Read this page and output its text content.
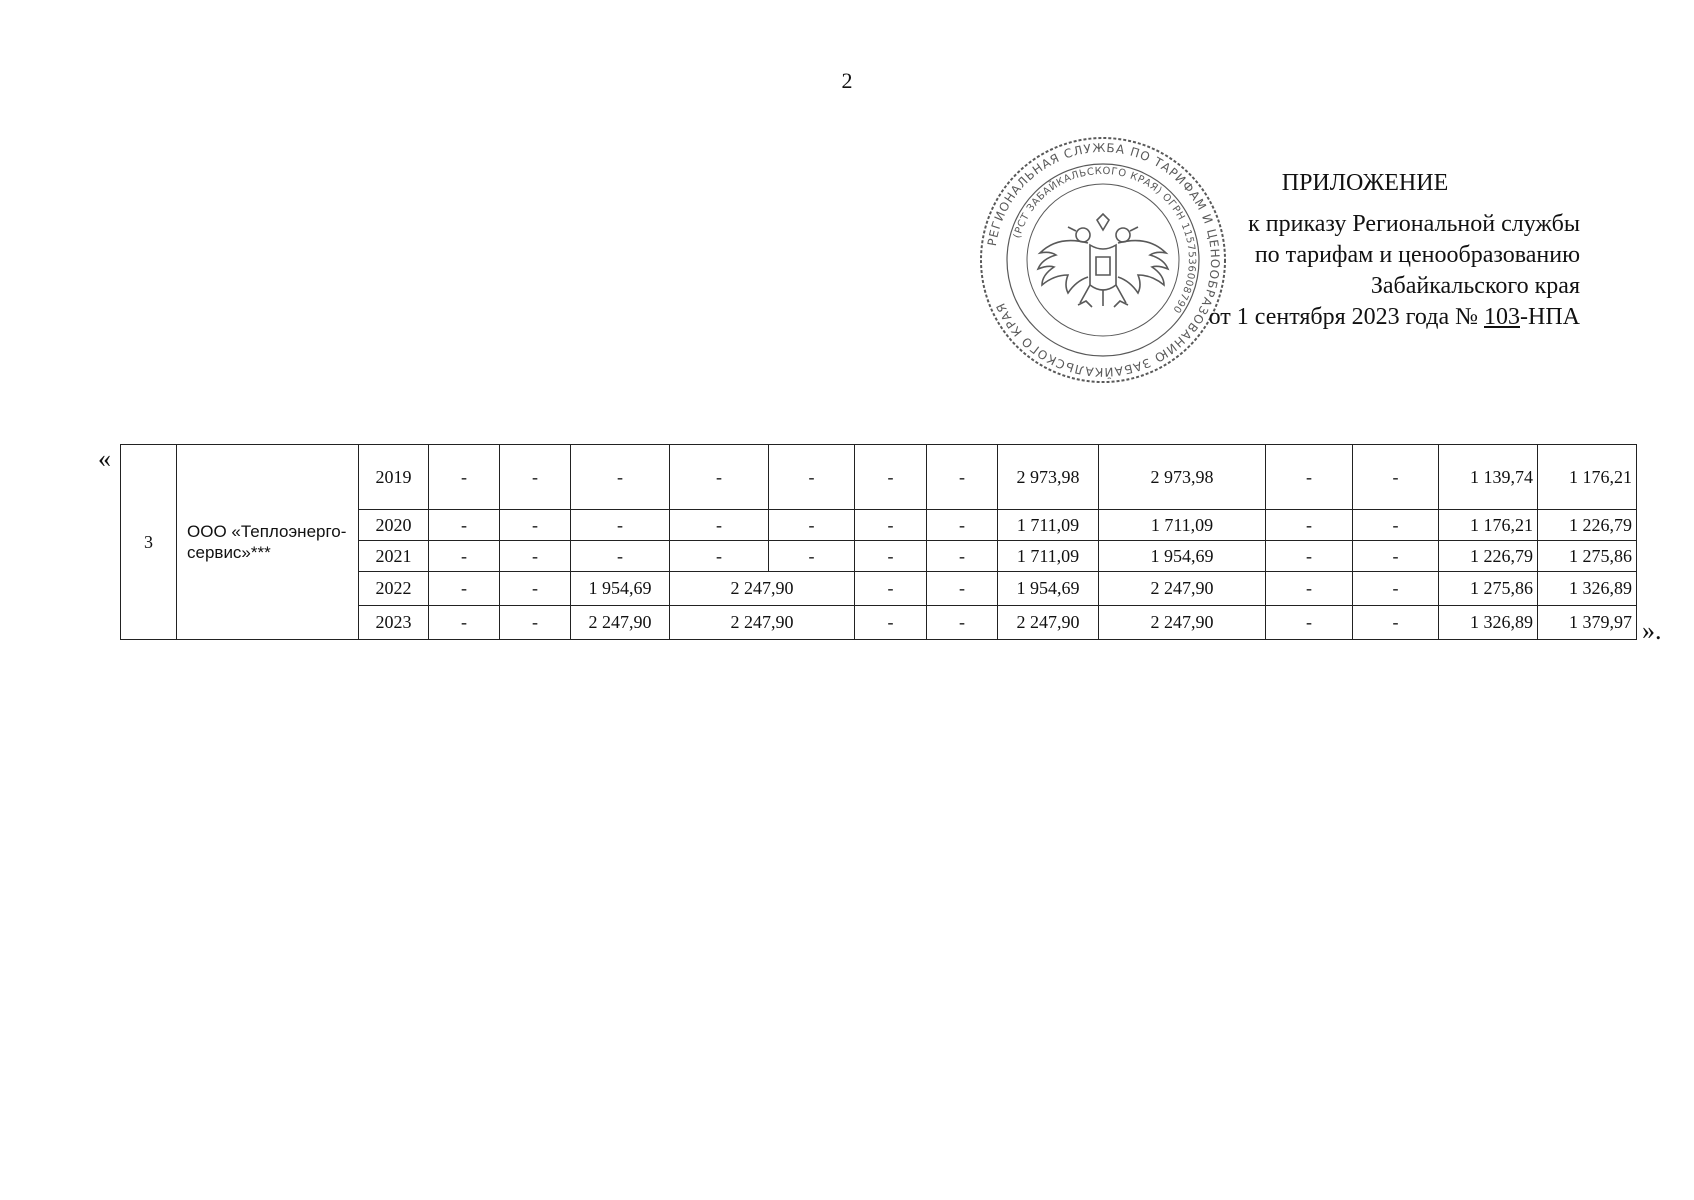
2
РЕГИОНАЛЬНАЯ СЛУЖБА ПО ТАРИФАМ И ЦЕНООБРАЗОВАНИЮ ЗАБАЙКАЛЬСКОГО КРАЯ
(РСТ ЗАБАЙКАЛЬСКОГО КРАЯ) ОГРН 1157536008790
ПРИЛОЖЕНИЕ
к приказу Региональной службы
по тарифам и ценообразованию
Забайкальского края
от 1 сентября 2023 года № 103-НПА
«
».
3	ООО «Теплоэнерго-сервис»***	2019	-	-	-	-	-	-	-	2 973,98	2 973,98	-	-	1 139,74	1 176,21
		2020	-	-	-	-	-	-	-	1 711,09	1 711,09	-	-	1 176,21	1 226,79
		2021	-	-	-	-	-	-	-	1 711,09	1 954,69	-	-	1 226,79	1 275,86
		2022	-	-	1 954,69	2 247,90		-	-	1 954,69	2 247,90	-	-	1 275,86	1 326,89
		2023	-	-	2 247,90	2 247,90		-	-	2 247,90	2 247,90	-	-	1 326,89	1 379,97
